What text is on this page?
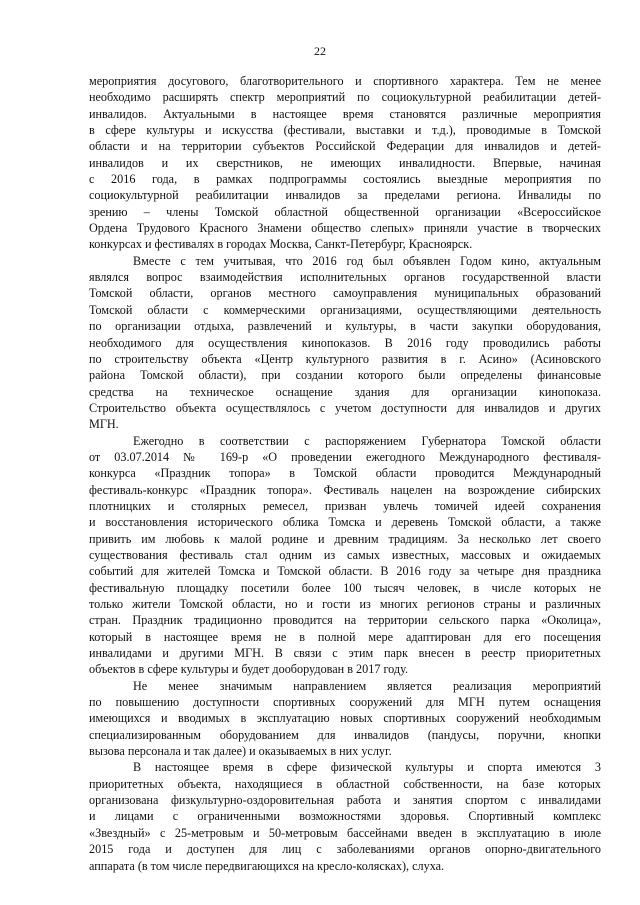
22
мероприятия досугового, благотворительного и спортивного характера. Тем не менее
необходимо расширять спектр мероприятий по социокультурной реабилитации детей-
инвалидов. Актуальными в настоящее время становятся различные мероприятия
в сфере культуры и искусства (фестивали, выставки и т.д.), проводимые в Томской
области и на территории субъектов Российской Федерации для инвалидов и детей-
инвалидов и их сверстников, не имеющих инвалидности. Впервые, начиная
с 2016 года, в рамках подпрограммы состоялись выездные мероприятия по
социокультурной реабилитации инвалидов за пределами региона. Инвалиды по
зрению – члены Томской областной общественной организации «Всероссийское
Ордена Трудового Красного Знамени общество слепых» приняли участие в творческих
конкурсах и фестивалях в городах Москва, Санкт-Петербург, Красноярск.
Вместе с тем учитывая, что 2016 год был объявлен Годом кино, актуальным
являлся вопрос взаимодействия исполнительных органов государственной власти
Томской области, органов местного самоуправления муниципальных образований
Томской области с коммерческими организациями, осуществляющими деятельность
по организации отдыха, развлечений и культуры, в части закупки оборудования,
необходимого для осуществления кинопоказов. В 2016 году проводились работы
по строительству объекта «Центр культурного развития в г. Асино» (Асиновского
района Томской области), при создании которого были определены финансовые
средства на техническое оснащение здания для организации кинопоказа.
Строительство объекта осуществлялось с учетом доступности для инвалидов и других
МГН.
Ежегодно в соответствии с распоряжением Губернатора Томской области
от 03.07.2014 № 169-р «О проведении ежегодного Международного фестиваля-
конкурса «Праздник топора» в Томской области проводится Международный
фестиваль-конкурс «Праздник топора». Фестиваль нацелен на возрождение сибирских
плотницких и столярных ремесел, призван увлечь томичей идеей сохранения
и восстановления исторического облика Томска и деревень Томской области, а также
привить им любовь к малой родине и древним традициям. За несколько лет своего
существования фестиваль стал одним из самых известных, массовых и ожидаемых
событий для жителей Томска и Томской области. В 2016 году за четыре дня праздника
фестивальную площадку посетили более 100 тысяч человек, в числе которых не
только жители Томской области, но и гости из многих регионов страны и различных
стран. Праздник традиционно проводится на территории сельского парка «Околица»,
который в настоящее время не в полной мере адаптирован для его посещения
инвалидами и другими МГН. В связи с этим парк внесен в реестр приоритетных
объектов в сфере культуры и будет дооборудован в 2017 году.
Не менее значимым направлением является реализация мероприятий
по повышению доступности спортивных сооружений для МГН путем оснащения
имеющихся и вводимых в эксплуатацию новых спортивных сооружений необходимым
специализированным оборудованием для инвалидов (пандусы, поручни, кнопки
вызова персонала и так далее) и оказываемых в них услуг.
В настоящее время в сфере физической культуры и спорта имеются 3
приоритетных объекта, находящиеся в областной собственности, на базе которых
организована физкультурно-оздоровительная работа и занятия спортом с инвалидами
и лицами с ограниченными возможностями здоровья. Спортивный комплекс
«Звездный» с 25-метровым и 50-метровым бассейнами введен в эксплуатацию в июле
2015 года и доступен для лиц с заболеваниями органов опорно-двигательного
аппарата (в том числе передвигающихся на кресло-колясках), слуха.
